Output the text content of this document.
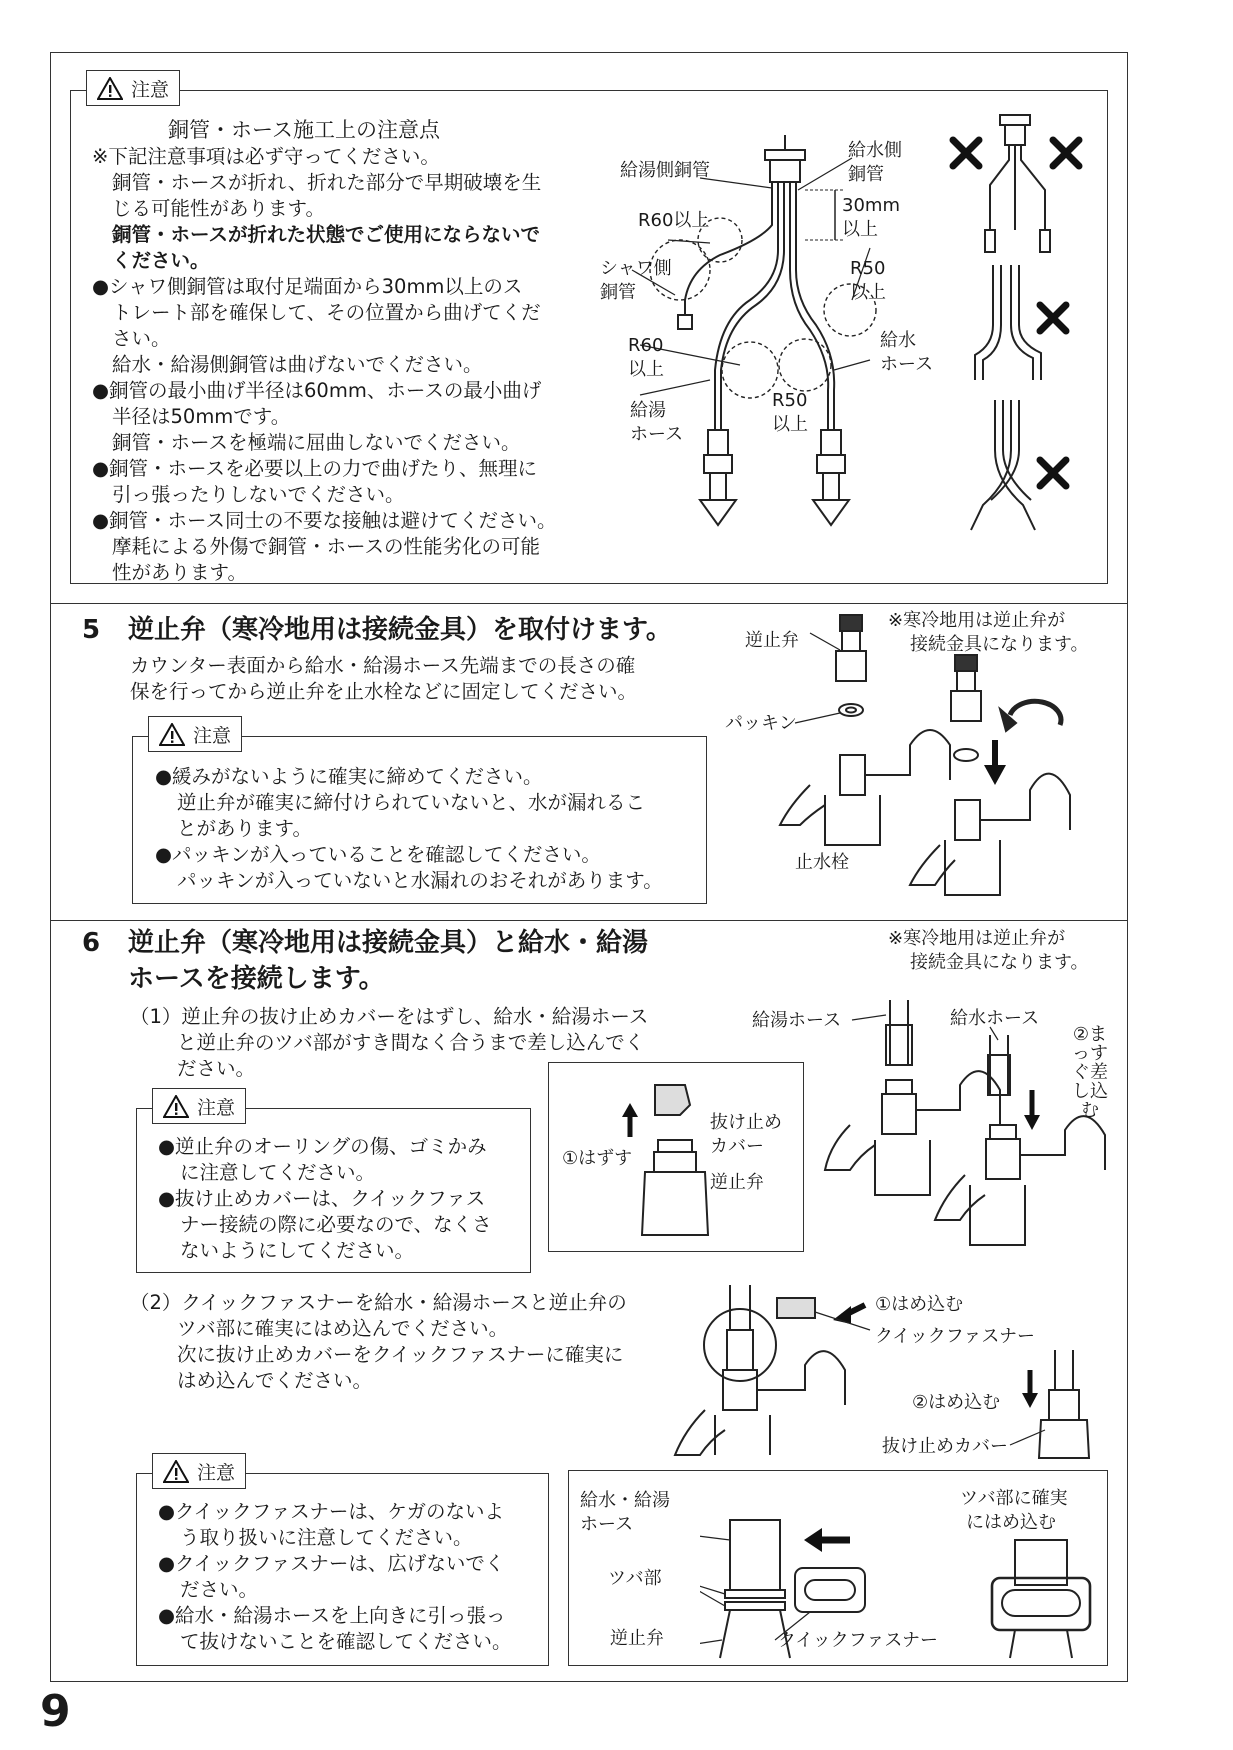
注意
銅管・ホース施工上の注意点
※下記注意事項は必ず守ってください。
銅管・ホースが折れ、折れた部分で早期破壊を生
じる可能性があります。
銅管・ホースが折れた状態でご使用にならないで
ください。
●シャワ側銅管は取付足端面から30mm以上のス
トレート部を確保して、その位置から曲げてくだ
さい。
給水・給湯側銅管は曲げないでください。
●銅管の最小曲げ半径は60mm、ホースの最小曲げ
半径は50mmです。
銅管・ホースを極端に屈曲しないでください。
●銅管・ホースを必要以上の力で曲げたり、無理に
引っ張ったりしないでください。
●銅管・ホース同士の不要な接触は避けてください。
摩耗による外傷で銅管・ホースの性能劣化の可能
性があります。
給湯側銅管
給水側
銅管
30mm
以上
R60以上
シャワ側
銅管
R50
以上
給水
ホース
R60
以上
給湯
ホース
R50
以上
5 逆止弁（寒冷地用は接続金具）を取付けます。
カウンター表面から給水・給湯ホース先端までの長さの確
保を行ってから逆止弁を止水栓などに固定してください。
※寒冷地用は逆止弁が
接続金具になります。
注意
●緩みがないように確実に締めてください。
逆止弁が確実に締付けられていないと、水が漏れるこ
とがあります。
●パッキンが入っていることを確認してください。
パッキンが入っていないと水漏れのおそれがあります。
逆止弁
パッキン
止水栓
6 逆止弁（寒冷地用は接続金具）と給水・給湯
ホースを接続します。
※寒冷地用は逆止弁が
接続金具になります。
（1）逆止弁の抜け止めカバーをはずし、給水・給湯ホース
と逆止弁のツバ部がすき間なく合うまで差し込んでく
ださい。
注意
●逆止弁のオーリングの傷、ゴミかみ
に注意してください。
●抜け止めカバーは、クイックファス
ナー接続の際に必要なので、なくさ
ないようにしてください。
①はずす
抜け止め
カバー
逆止弁
給湯ホース	給水ホース
②まっすぐ差し込む
（2）クイックファスナーを給水・給湯ホースと逆止弁の
ツバ部に確実にはめ込んでください。
次に抜け止めカバーをクイックファスナーに確実に
はめ込んでください。
①はめ込む
クイックファスナー
②はめ込む
抜け止めカバー
注意
●クイックファスナーは、ケガのないよ
う取り扱いに注意してください。
●クイックファスナーは、広げないでく
ださい。
●給水・給湯ホースを上向きに引っ張っ
て抜けないことを確認してください。
給水・給湯
ホース
ツバ部
逆止弁	クイックファスナー
ツバ部に確実
にはめ込む
9
